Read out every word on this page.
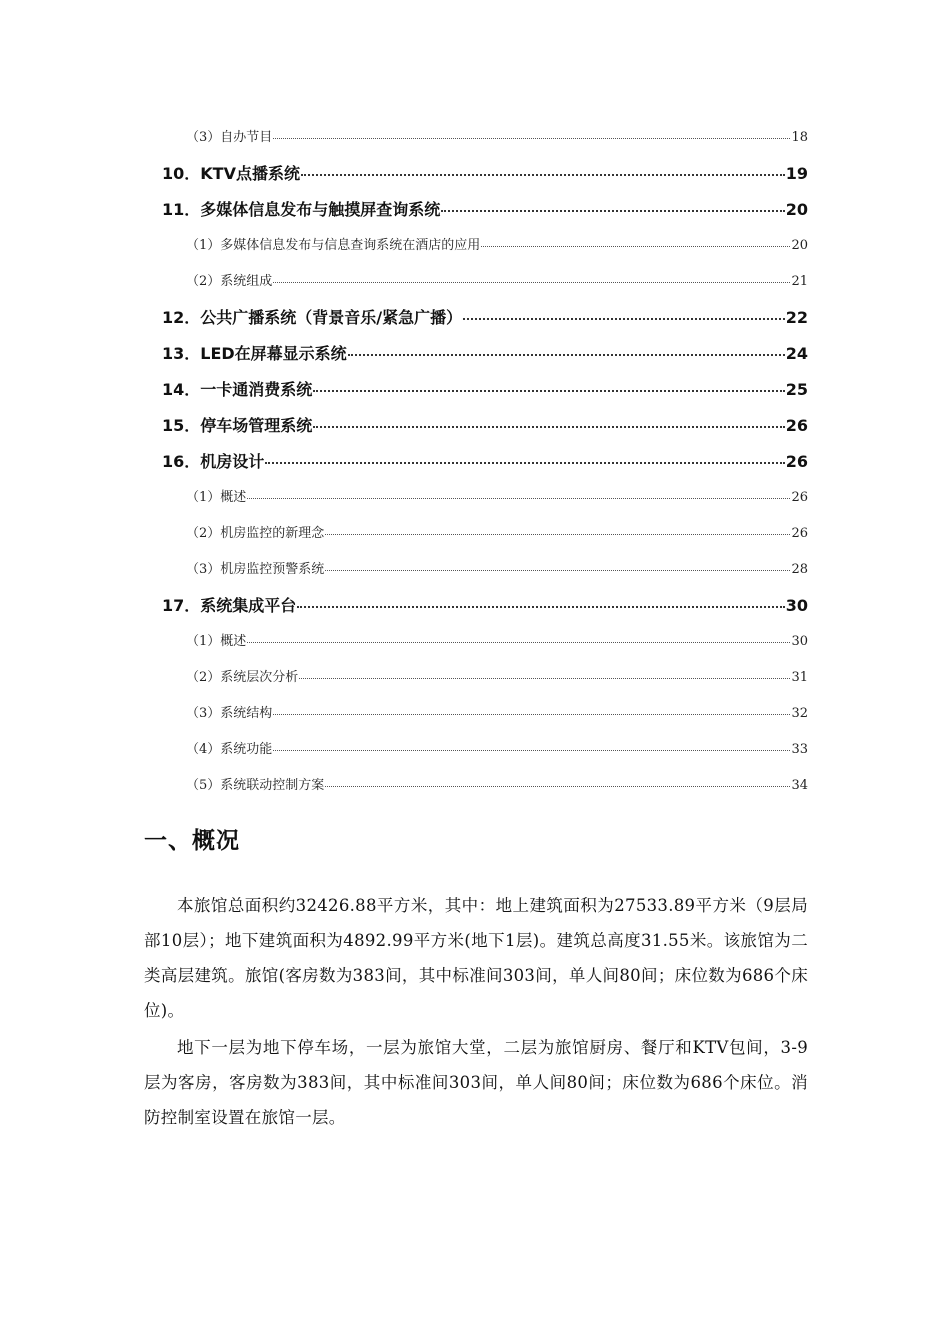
（3）自办节目	18
10．KTV点播系统	19
11．多媒体信息发布与触摸屏查询系统	20
（1）多媒体信息发布与信息查询系统在酒店的应用	20
（2）系统组成	21
12．公共广播系统（背景音乐/紧急广播）	22
13．LED在屏幕显示系统	24
14．一卡通消费系统	25
15．停车场管理系统	26
16．机房设计	26
（1）概述	26
（2）机房监控的新理念	26
（3）机房监控预警系统	28
17．系统集成平台	30
（1）概述	30
（2）系统层次分析	31
（3）系统结构	32
（4）系统功能	33
（5）系统联动控制方案	34
一、概况

本旅馆总面积约32426.88平方米，其中：地上建筑面积为27533.89平方米（9层局部10层）；地下建筑面积为4892.99平方米(地下1层)。建筑总高度31.55米。该旅馆为二类高层建筑。旅馆(客房数为383间，其中标准间303间，单人间80间；床位数为686个床位)。

地下一层为地下停车场，一层为旅馆大堂，二层为旅馆厨房、餐厅和KTV包间，3-9层为客房，客房数为383间，其中标准间303间，单人间80间；床位数为686个床位。消防控制室设置在旅馆一层。
